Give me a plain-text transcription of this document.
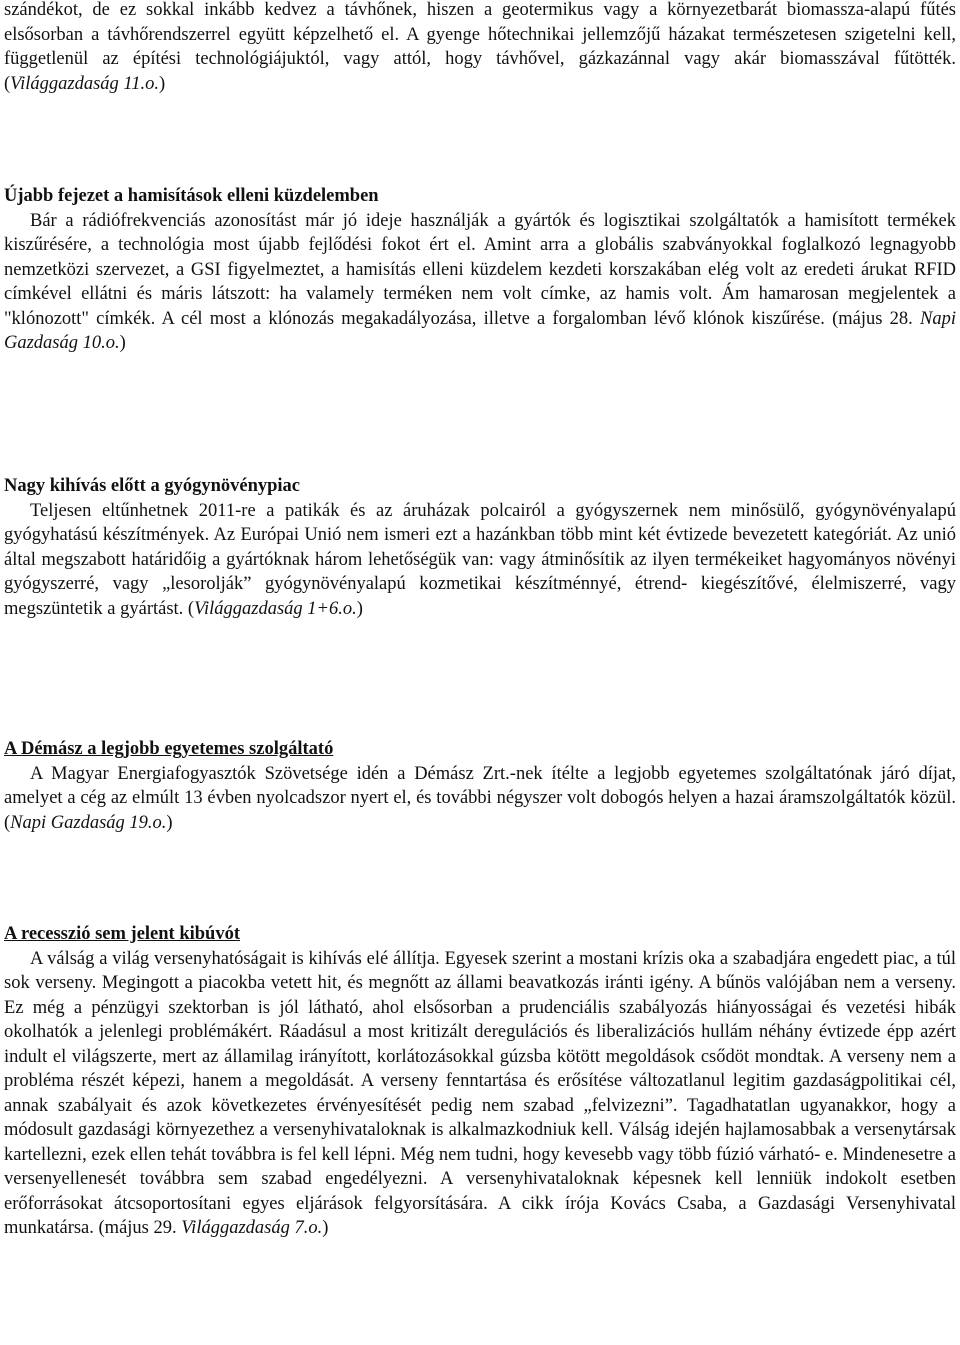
szándékot, de ez sokkal inkább kedvez a távhőnek, hiszen a geotermikus vagy a környezetbarát biomassza-alapú fűtés elsősorban a távhőrendszerrel együtt képzelhető el. A gyenge hőtechnikai jellemzőjű házakat természetesen szigetelni kell, függetlenül az építési technológiájuktól, vagy attól, hogy távhővel, gázkazánnal vagy akár biomasszával fűtötték. (Világgazdaság 11.o.)

Újabb fejezet a hamisítások elleni küzdelemben

Bár a rádiófrekvenciás azonosítást már jó ideje használják a gyártók és logisztikai szolgáltatók a hamisított termékek kiszűrésére, a technológia most újabb fejlődési fokot ért el. Amint arra a globális szabványokkal foglalkozó legnagyobb nemzetközi szervezet, a GSI figyelmeztet, a hamisítás elleni küzdelem kezdeti korszakában elég volt az eredeti árukat RFID címkével ellátni és máris látszott: ha valamely terméken nem volt címke, az hamis volt. Ám hamarosan megjelentek a "klónozott" címkék. A cél most a klónozás megakadályozása, illetve a forgalomban lévő klónok kiszűrése. (május 28. Napi Gazdaság 10.o.)

Nagy kihívás előtt a gyógynövénypiac

Teljesen eltűnhetnek 2011-re a patikák és az áruházak polcairól a gyógyszernek nem minősülő, gyógynövényalapú gyógyhatású készítmények. Az Európai Unió nem ismeri ezt a hazánkban több mint két évtizede bevezetett kategóriát. Az unió által megszabott határidőig a gyártóknak három lehetőségük van: vagy átminősítik az ilyen termékeiket hagyományos növényi gyógyszerré, vagy „lesorolják” gyógynövényalapú kozmetikai készítménnyé, étrend- kiegészítővé, élelmiszerré, vagy megszüntetik a gyártást. (Világgazdaság 1+6.o.)

A Démász a legjobb egyetemes szolgáltató

A Magyar Energiafogyasztók Szövetsége idén a Démász Zrt.-nek ítélte a legjobb egyetemes szolgáltatónak járó díjat, amelyet a cég az elmúlt 13 évben nyolcadszor nyert el, és további négyszer volt dobogós helyen a hazai áramszolgáltatók közül. (Napi Gazdaság 19.o.)

A recesszió sem jelent kibúvót

A válság a világ versenyhatóságait is kihívás elé állítja. Egyesek szerint a mostani krízis oka a szabadjára engedett piac, a túl sok verseny. Megingott a piacokba vetett hit, és megnőtt az állami beavatkozás iránti igény. A bűnös valójában nem a verseny. Ez még a pénzügyi szektorban is jól látható, ahol elsősorban a prudenciális szabályozás hiányosságai és vezetési hibák okolhatók a jelenlegi problémákért. Ráadásul a most kritizált deregulációs és liberalizációs hullám néhány évtizede épp azért indult el világszerte, mert az államilag irányított, korlátozásokkal gúzsba kötött megoldások csődöt mondtak. A verseny nem a probléma részét képezi, hanem a megoldását. A verseny fenntartása és erősítése változatlanul legitim gazdaságpolitikai cél, annak szabályait és azok következetes érvényesítését pedig nem szabad „felvizezni”. Tagadhatatlan ugyanakkor, hogy a módosult gazdasági környezethez a versenyhivataloknak is alkalmazkodniuk kell. Válság idején hajlamosabbak a versenytársak kartellezni, ezek ellen tehát továbbra is fel kell lépni. Még nem tudni, hogy kevesebb vagy több fúzió várható- e. Mindenesetre a versenyellenesét továbbra sem szabad engedélyezni. A versenyhivataloknak képesnek kell lenniük indokolt esetben erőforrásokat átcsoportosítani egyes eljárások felgyorsítására. A cikk írója Kovács Csaba, a Gazdasági Versenyhivatal munkatársa. (május 29. Világgazdaság 7.o.)
